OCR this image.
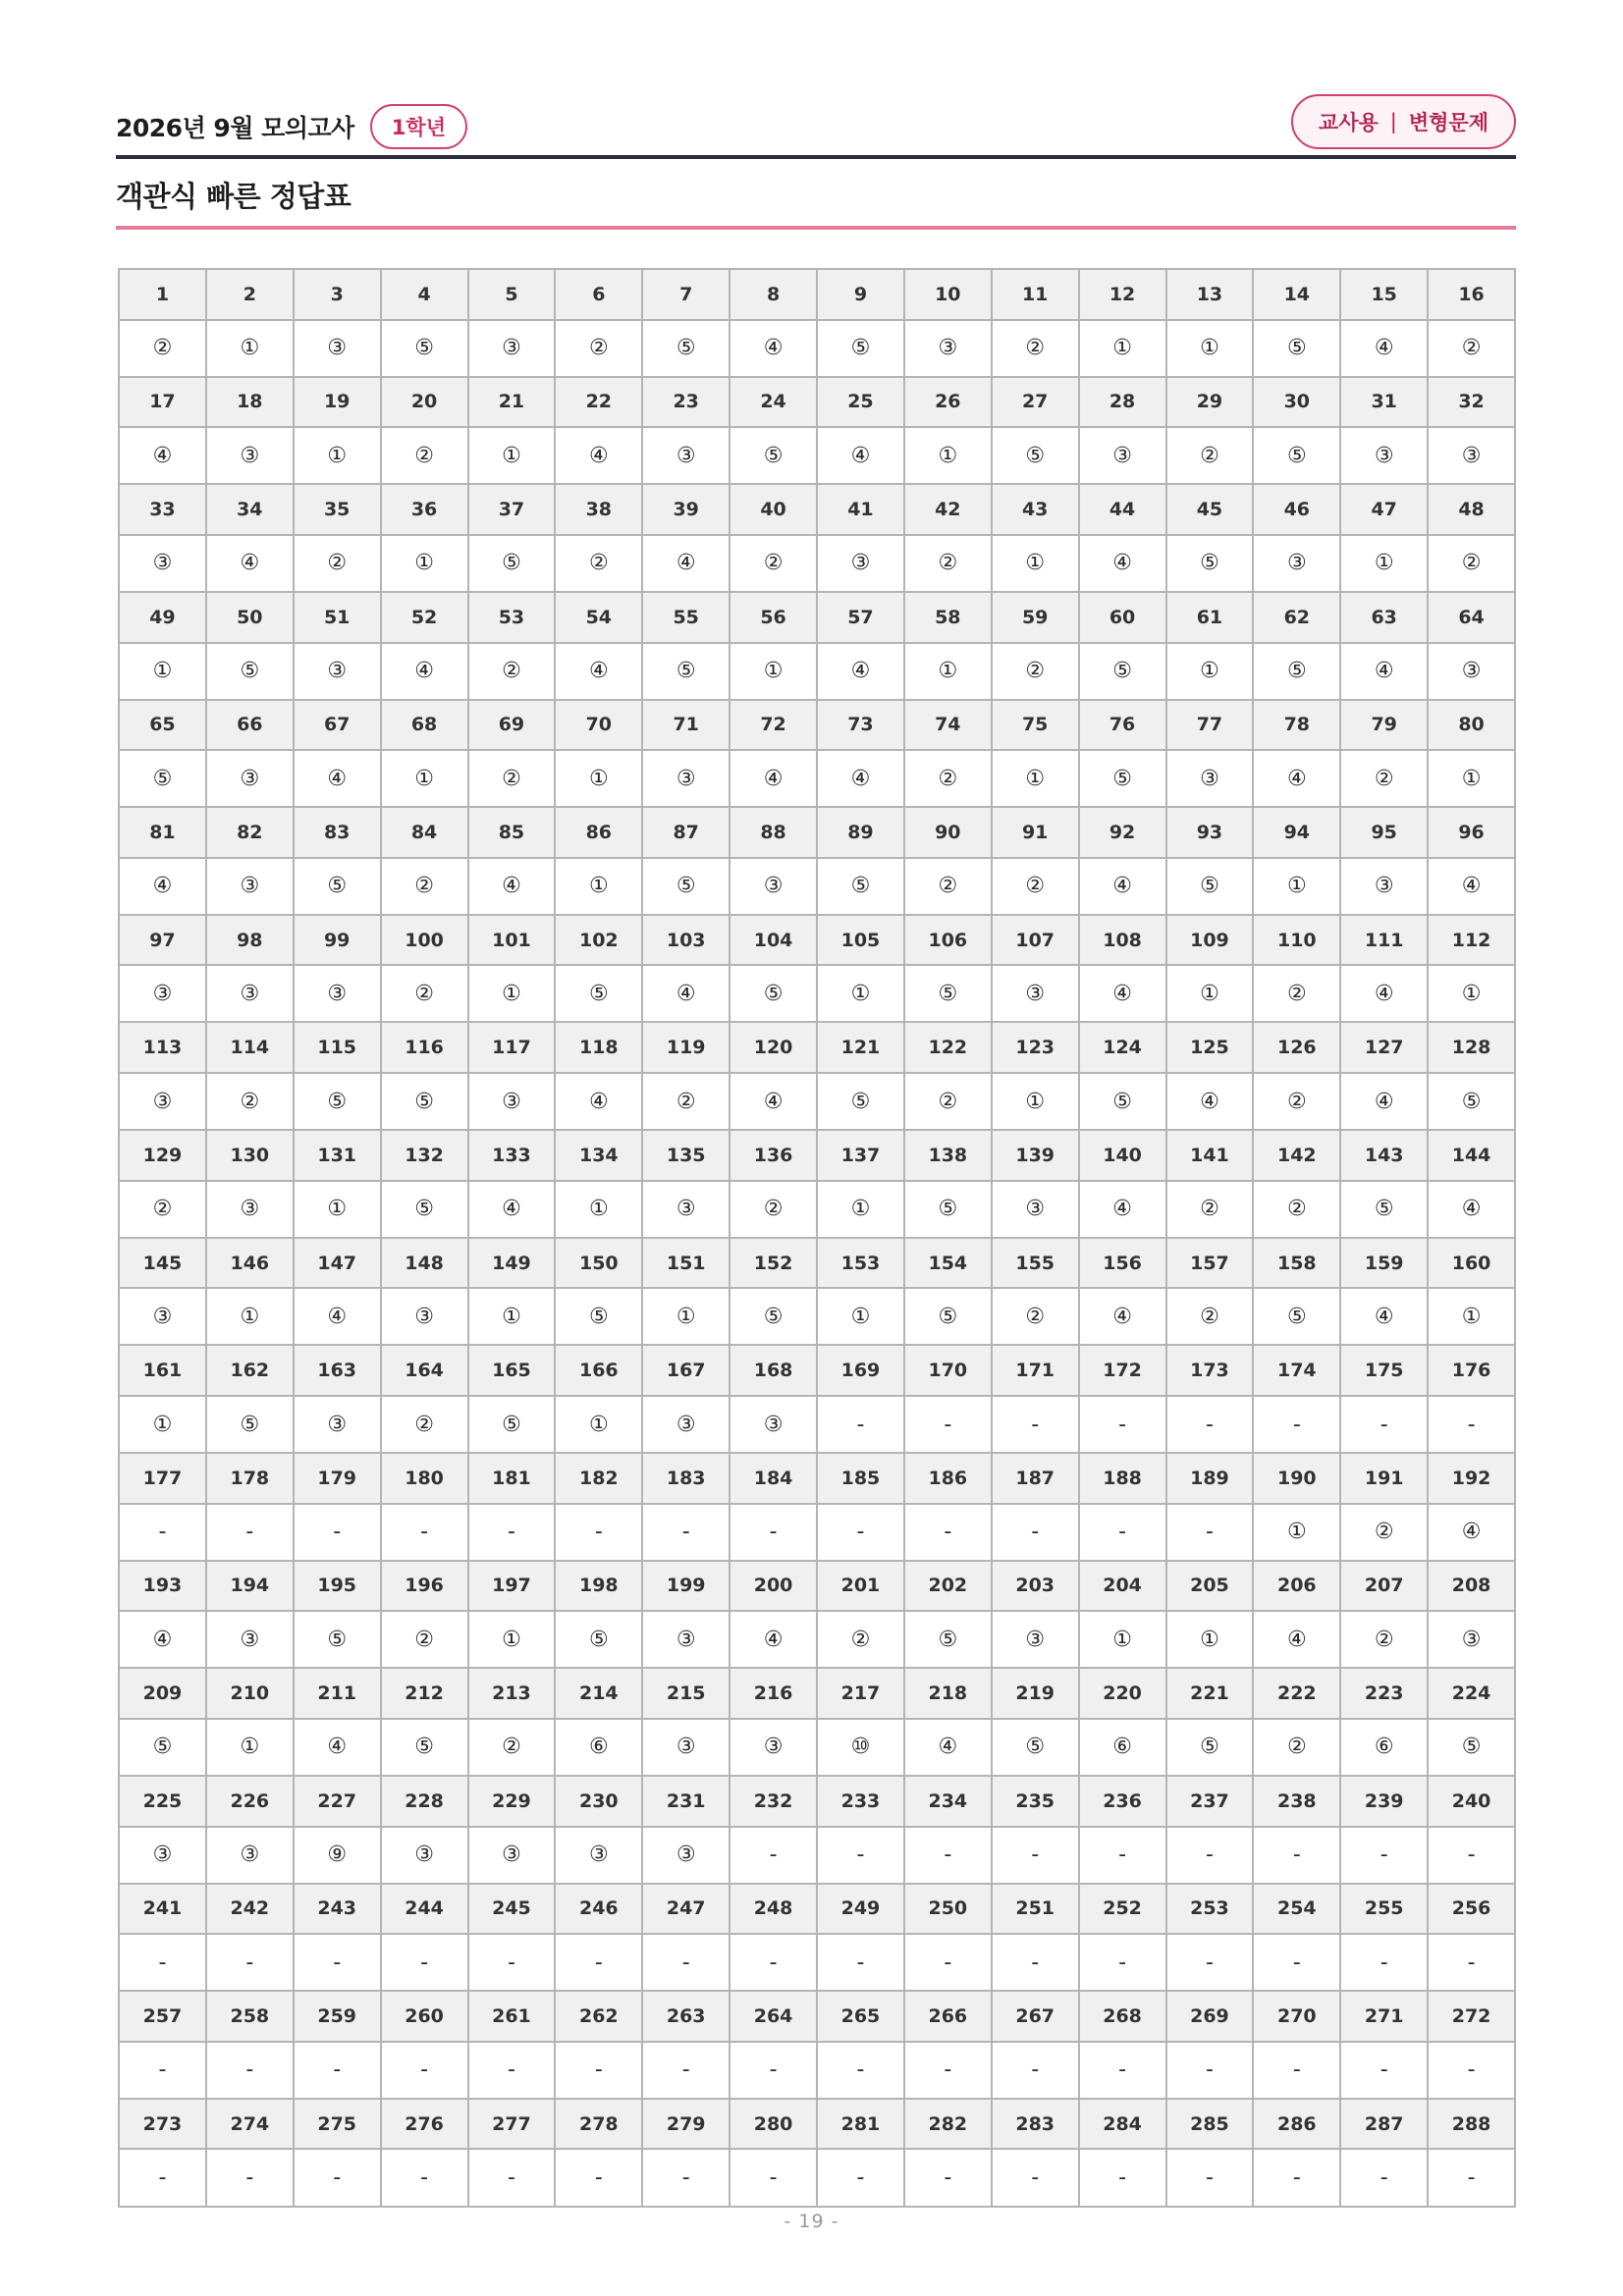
2026년 9월 모의고사	1학년	교사용 | 변형문제
객관식 빠른 정답표
1	2	3	4	5	6	7	8	9	10	11	12	13	14	15	16
②	①	③	⑤	③	②	⑤	④	⑤	③	②	①	①	⑤	④	②
17	18	19	20	21	22	23	24	25	26	27	28	29	30	31	32
④	③	①	②	①	④	③	⑤	④	①	⑤	③	②	⑤	③	③
33	34	35	36	37	38	39	40	41	42	43	44	45	46	47	48
③	④	②	①	⑤	②	④	②	③	②	①	④	⑤	③	①	②
49	50	51	52	53	54	55	56	57	58	59	60	61	62	63	64
①	⑤	③	④	②	④	⑤	①	④	①	②	⑤	①	⑤	④	③
65	66	67	68	69	70	71	72	73	74	75	76	77	78	79	80
⑤	③	④	①	②	①	③	④	④	②	①	⑤	③	④	②	①
81	82	83	84	85	86	87	88	89	90	91	92	93	94	95	96
④	③	⑤	②	④	①	⑤	③	⑤	②	②	④	⑤	①	③	④
97	98	99	100	101	102	103	104	105	106	107	108	109	110	111	112
③	③	③	②	①	⑤	④	⑤	①	⑤	③	④	①	②	④	①
113	114	115	116	117	118	119	120	121	122	123	124	125	126	127	128
③	②	⑤	⑤	③	④	②	④	⑤	②	①	⑤	④	②	④	⑤
129	130	131	132	133	134	135	136	137	138	139	140	141	142	143	144
②	③	①	⑤	④	①	③	②	①	⑤	③	④	②	②	⑤	④
145	146	147	148	149	150	151	152	153	154	155	156	157	158	159	160
③	①	④	③	①	⑤	①	⑤	①	⑤	②	④	②	⑤	④	①
161	162	163	164	165	166	167	168	169	170	171	172	173	174	175	176
①	⑤	③	②	⑤	①	③	③	-	-	-	-	-	-	-	-
177	178	179	180	181	182	183	184	185	186	187	188	189	190	191	192
-	-	-	-	-	-	-	-	-	-	-	-	-	①	②	④
193	194	195	196	197	198	199	200	201	202	203	204	205	206	207	208
④	③	⑤	②	①	⑤	③	④	②	⑤	③	①	①	④	②	③
209	210	211	212	213	214	215	216	217	218	219	220	221	222	223	224
⑤	①	④	⑤	②	⑥	③	③	⑩	④	⑤	⑥	⑤	②	⑥	⑤
225	226	227	228	229	230	231	232	233	234	235	236	237	238	239	240
③	③	⑨	③	③	③	③	-	-	-	-	-	-	-	-	-
241	242	243	244	245	246	247	248	249	250	251	252	253	254	255	256
-	-	-	-	-	-	-	-	-	-	-	-	-	-	-	-
257	258	259	260	261	262	263	264	265	266	267	268	269	270	271	272
-	-	-	-	-	-	-	-	-	-	-	-	-	-	-	-
273	274	275	276	277	278	279	280	281	282	283	284	285	286	287	288
-	-	-	-	-	-	-	-	-	-	-	-	-	-	-	-
- 19 -
